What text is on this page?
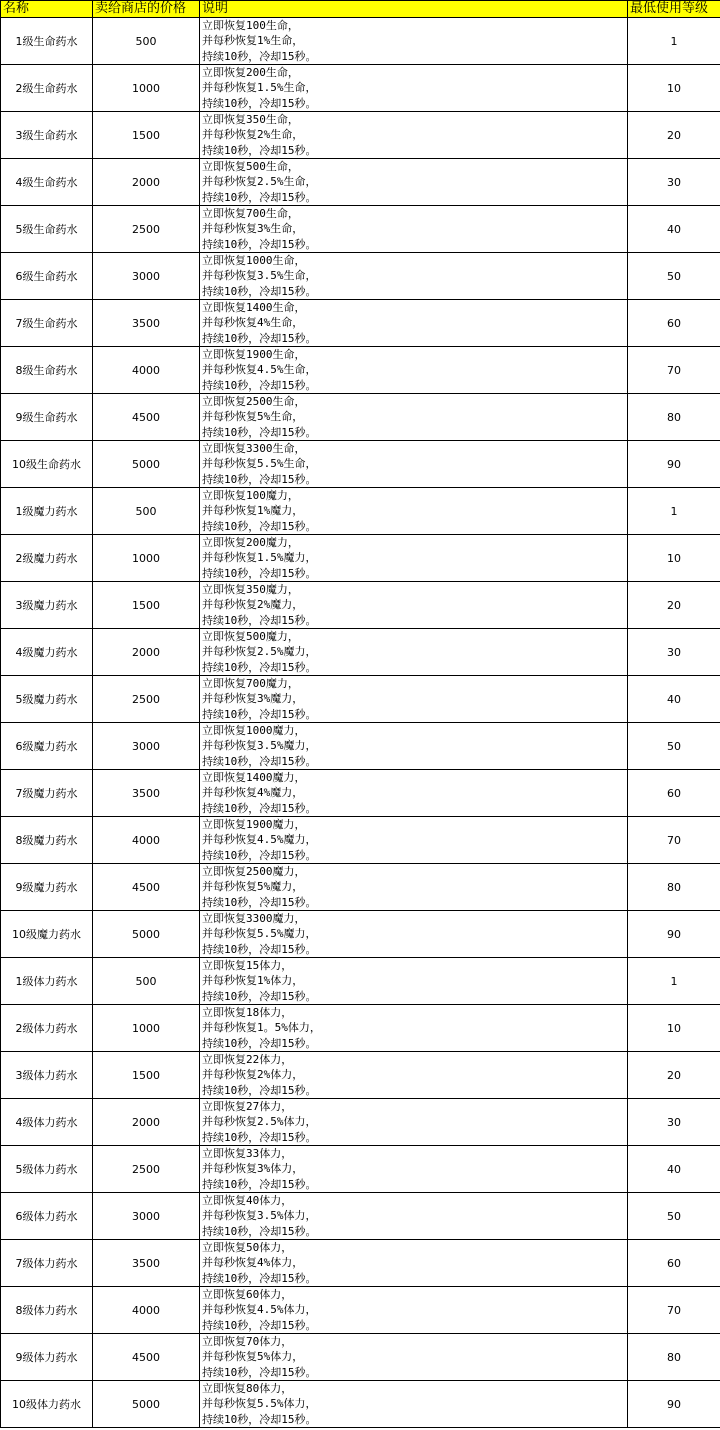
名称	卖给商店的价格	说明	最低使用等级
1级生命药水	500	立即恢复100生命，
并每秒恢复1%生命，
持续10秒，冷却15秒。	1
2级生命药水	1000	立即恢复200生命，
并每秒恢复1.5%生命，
持续10秒，冷却15秒。	10
3级生命药水	1500	立即恢复350生命，
并每秒恢复2%生命，
持续10秒，冷却15秒。	20
4级生命药水	2000	立即恢复500生命，
并每秒恢复2.5%生命，
持续10秒，冷却15秒。	30
5级生命药水	2500	立即恢复700生命，
并每秒恢复3%生命，
持续10秒，冷却15秒。	40
6级生命药水	3000	立即恢复1000生命，
并每秒恢复3.5%生命，
持续10秒，冷却15秒。	50
7级生命药水	3500	立即恢复1400生命，
并每秒恢复4%生命，
持续10秒，冷却15秒。	60
8级生命药水	4000	立即恢复1900生命，
并每秒恢复4.5%生命，
持续10秒，冷却15秒。	70
9级生命药水	4500	立即恢复2500生命，
并每秒恢复5%生命，
持续10秒，冷却15秒。	80
10级生命药水	5000	立即恢复3300生命，
并每秒恢复5.5%生命，
持续10秒，冷却15秒。	90
1级魔力药水	500	立即恢复100魔力，
并每秒恢复1%魔力，
持续10秒，冷却15秒。	1
2级魔力药水	1000	立即恢复200魔力，
并每秒恢复1.5%魔力，
持续10秒，冷却15秒。	10
3级魔力药水	1500	立即恢复350魔力，
并每秒恢复2%魔力，
持续10秒，冷却15秒。	20
4级魔力药水	2000	立即恢复500魔力，
并每秒恢复2.5%魔力，
持续10秒，冷却15秒。	30
5级魔力药水	2500	立即恢复700魔力，
并每秒恢复3%魔力，
持续10秒，冷却15秒。	40
6级魔力药水	3000	立即恢复1000魔力，
并每秒恢复3.5%魔力，
持续10秒，冷却15秒。	50
7级魔力药水	3500	立即恢复1400魔力，
并每秒恢复4%魔力，
持续10秒，冷却15秒。	60
8级魔力药水	4000	立即恢复1900魔力，
并每秒恢复4.5%魔力，
持续10秒，冷却15秒。	70
9级魔力药水	4500	立即恢复2500魔力，
并每秒恢复5%魔力，
持续10秒，冷却15秒。	80
10级魔力药水	5000	立即恢复3300魔力，
并每秒恢复5.5%魔力，
持续10秒，冷却15秒。	90
1级体力药水	500	立即恢复15体力，
并每秒恢复1%体力，
持续10秒，冷却15秒。	1
2级体力药水	1000	立即恢复18体力，
并每秒恢复1。5%体力，
持续10秒，冷却15秒。	10
3级体力药水	1500	立即恢复22体力，
并每秒恢复2%体力，
持续10秒，冷却15秒。	20
4级体力药水	2000	立即恢复27体力，
并每秒恢复2.5%体力，
持续10秒，冷却15秒。	30
5级体力药水	2500	立即恢复33体力，
并每秒恢复3%体力，
持续10秒，冷却15秒。	40
6级体力药水	3000	立即恢复40体力，
并每秒恢复3.5%体力，
持续10秒，冷却15秒。	50
7级体力药水	3500	立即恢复50体力，
并每秒恢复4%体力，
持续10秒，冷却15秒。	60
8级体力药水	4000	立即恢复60体力，
并每秒恢复4.5%体力，
持续10秒，冷却15秒。	70
9级体力药水	4500	立即恢复70体力，
并每秒恢复5%体力，
持续10秒，冷却15秒。	80
10级体力药水	5000	立即恢复80体力，
并每秒恢复5.5%体力，
持续10秒，冷却15秒。	90
